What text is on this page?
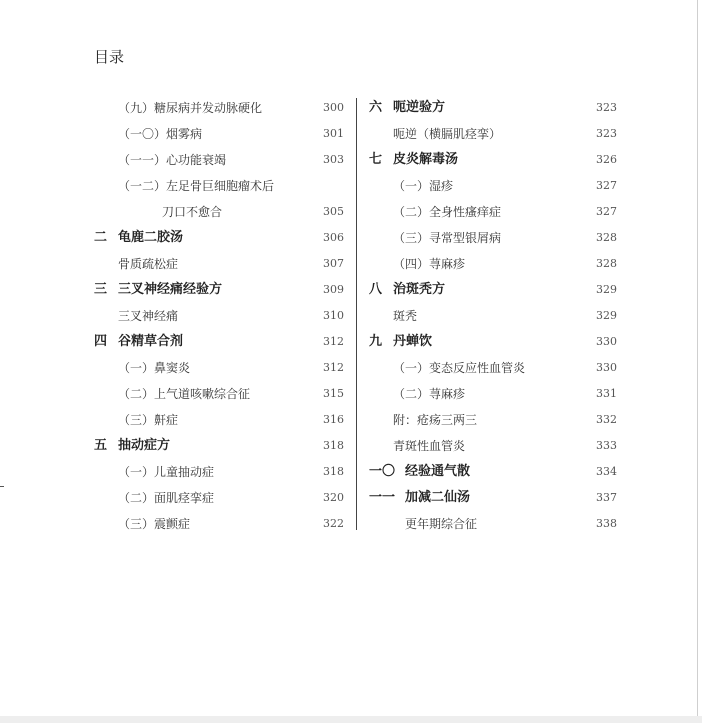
目录
（九）糖尿病并发动脉硬化	300
（一〇）烟雾病	301
（一一）心功能衰竭	303
（一二）左足骨巨细胞瘤术后
刀口不愈合	305
二 龟鹿二胶汤	306
骨质疏松症	307
三 三叉神经痛经验方	309
三叉神经痛	310
四 谷精草合剂	312
（一）鼻窦炎	312
（二）上气道咳嗽综合征	315
（三）鼾症	316
五 抽动症方	318
（一）儿童抽动症	318
（二）面肌痉挛症	320
（三）震颤症	322
六 呃逆验方	323
呃逆（横膈肌痉挛）	323
七 皮炎解毒汤	326
（一）湿疹	327
（二）全身性瘙痒症	327
（三）寻常型银屑病	328
（四）荨麻疹	328
八 治斑秃方	329
斑秃	329
九 丹蝉饮	330
（一）变态反应性血管炎	330
（二）荨麻疹	331
附：疮疡三两三	332
青斑性血管炎	333
一〇 经验通气散	334
一一 加减二仙汤	337
更年期综合征	338
